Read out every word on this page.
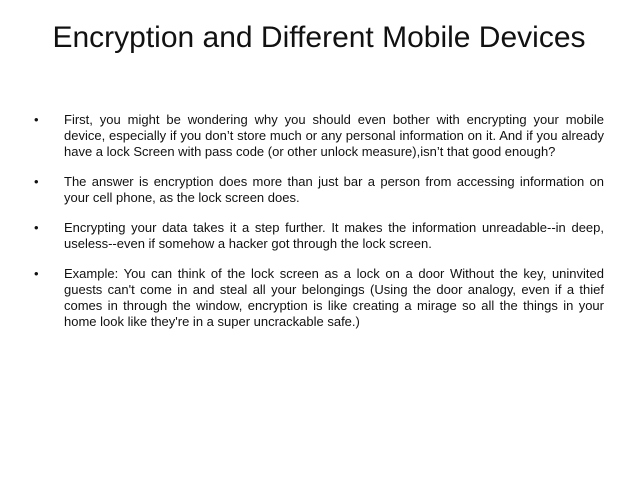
Encryption and Different Mobile Devices
•	First, you might be wondering why you should even bother with encrypting your mobile device, especially if you don’t store much or any personal information on it. And if you already have a lock Screen with pass code (or other unlock measure),isn’t that good enough?
•	The answer is encryption does more than just bar a person from accessing information on your cell phone, as the lock screen does.
•	Encrypting your data takes it a step further. It makes the information unreadable--in deep, useless--even if somehow a hacker got through the lock screen.
•	Example: You can think of the lock screen as a lock on a door Without the key, uninvited guests can't come in and steal all your belongings (Using the door analogy, even if a thief comes in through the window, encryption is like creating a mirage so all the things in your home look like they're in a super uncrackable safe.)
